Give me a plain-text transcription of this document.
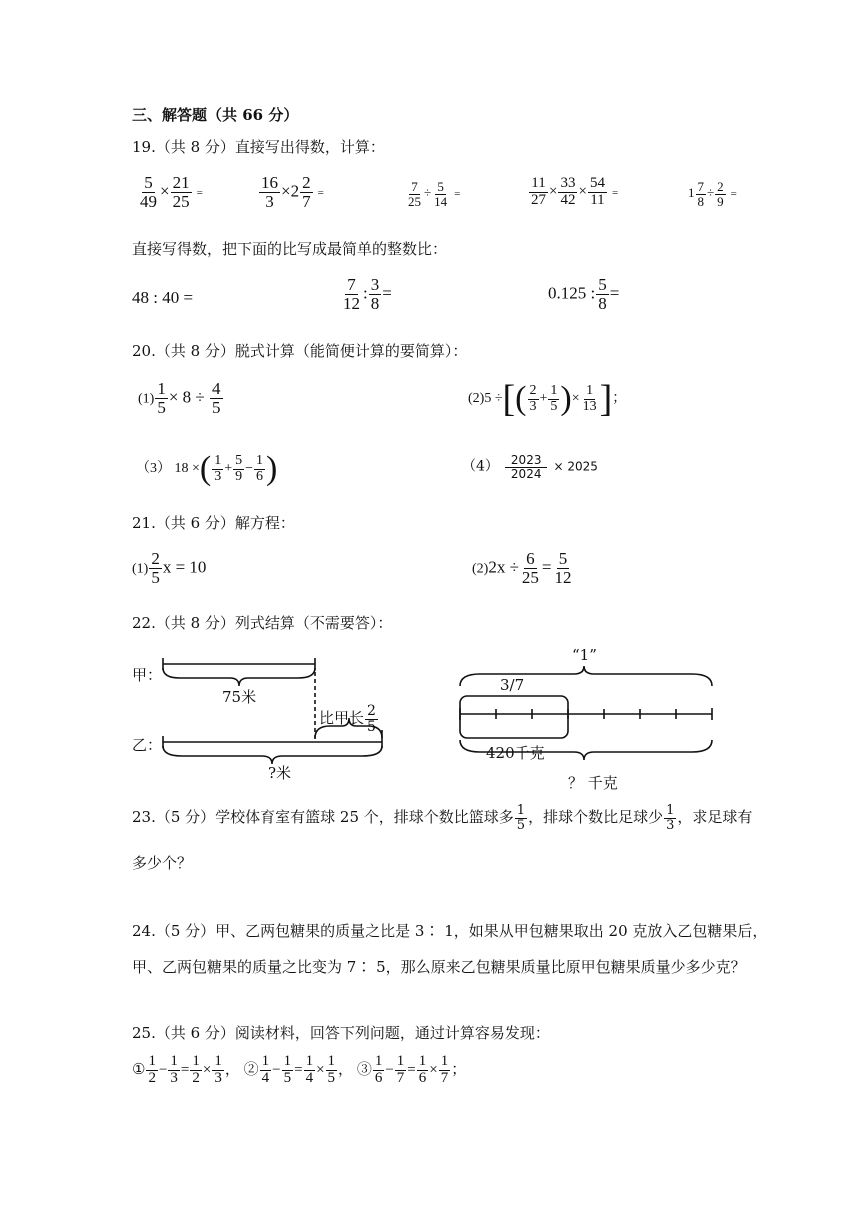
三、解答题（共 66 分）
19.（共 8 分）直接写出得数，计算：
$\frac{5}{49} \times \frac{21}{25}$ =	$\frac{16}{3} \times 2 \frac{2}{7}$ =	$\frac{7}{25} \div \frac{5}{14}$ =	$\frac{11}{27} \times \frac{33}{42} \times \frac{54}{11}$ =	$1 \frac{7}{8} \div \frac{2}{9}$ =
直接写得数，把下面的比写成最简单的整数比：
48 : 40 =	$\frac{7}{12}$ : $\frac{3}{8}$ =	0.125 : $\frac{5}{8}$ =
20.（共 8 分）脱式计算（能简便计算的要简算）：
$(1) \frac{1}{5} \times 8 \div \frac{4}{5}$	(2)5 ÷[( $\frac{2}{3} + \frac{1}{5}$ )× $\frac{1}{13}$ ]；
（3） 18 ×( $\frac{1}{3} + \frac{5}{9} - \frac{1}{6}$ )	$(4) \frac{2023}{2024} \times 2025$
21.（共 6 分）解方程：
$(1) \frac{2}{5}$ x = 10	$(2)2x \div \frac{6}{25} = \frac{5}{12}$
22.（共 8 分）列式结算（不需要答）：
甲：
75米
比甲长 $\frac{2}{5}$
乙：
?米
“1”
3/7
420千克
？ 千克
23.（5 分）学校体育室有篮球 25 个，排球个数比篮球多 $\frac{1}{5}$ ，排球个数比足球少 $\frac{1}{3}$ ，求足球有
多少个？
24.（5 分）甲、乙两包糖果的质量之比是 3∶ 1，如果从甲包糖果取出 20 克放入乙包糖果后，
甲、乙两包糖果的质量之比变为 7∶ 5，那么原来乙包糖果质量比原甲包糖果质量少多少克？
25.（共 6 分）阅读材料，回答下列问题，通过计算容易发现：
① $\frac{1}{2} - \frac{1}{3} = \frac{1}{2} \times \frac{1}{3}$ ， ② $\frac{1}{4} - \frac{1}{5} = \frac{1}{4} \times \frac{1}{5}$ ， ③ $\frac{1}{6} - \frac{1}{7} = \frac{1}{6} \times \frac{1}{7}$ ；
